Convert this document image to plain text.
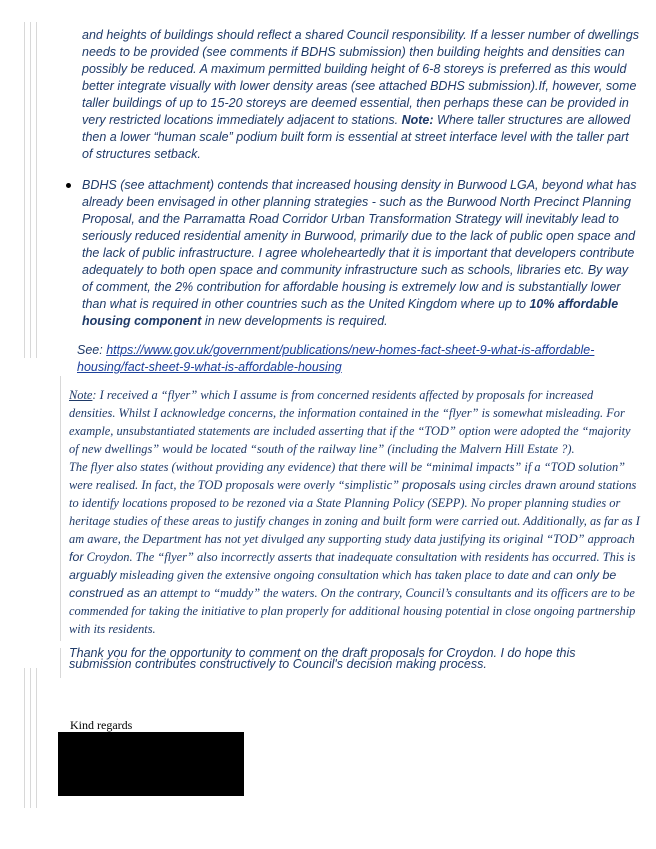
and heights of buildings should reflect a shared Council responsibility. If a lesser number of dwellings needs to be provided (see comments if BDHS submission) then building heights and densities can possibly be reduced. A maximum permitted building height of 6-8 storeys is preferred as this would better integrate visually with lower density areas (see attached BDHS submission).If, however, some taller buildings of up to 15-20 storeys are deemed essential, then perhaps these can be provided in very restricted locations immediately adjacent to stations. Note: Where taller structures are allowed then a lower “human scale” podium built form is essential at street interface level with the taller part of structures setback.
BDHS (see attachment) contends that increased housing density in Burwood LGA, beyond what has already been envisaged in other planning strategies - such as the Burwood North Precinct Planning Proposal, and the Parramatta Road Corridor Urban Transformation Strategy will inevitably lead to seriously reduced residential amenity in Burwood, primarily due to the lack of public open space and the lack of public infrastructure. I agree wholeheartedly that it is important that developers contribute adequately to both open space and community infrastructure such as schools, libraries etc. By way of comment, the 2% contribution for affordable housing is extremely low and is substantially lower than what is required in other countries such as the United Kingdom where up to 10% affordable housing component in new developments is required.
See: https://www.gov.uk/government/publications/new-homes-fact-sheet-9-what-is-affordable-housing/fact-sheet-9-what-is-affordable-housing

Note: I received a “flyer” which I assume is from concerned residents affected by proposals for increased densities. Whilst I acknowledge concerns, the information contained in the “flyer” is somewhat misleading. For example, unsubstantiated statements are included asserting that if the “TOD” option were adopted the “majority of new dwellings” would be located “south of the railway line” (including the Malvern Hill Estate ?).

The flyer also states (without providing any evidence) that there will be “minimal impacts” if a “TOD solution” were realised. In fact, the TOD proposals were overly “simplistic” proposals using circles drawn around stations to identify locations proposed to be rezoned via a State Planning Policy (SEPP). No proper planning studies or heritage studies of these areas to justify changes in zoning and built form were carried out. Additionally, as far as I am aware, the Department has not yet divulged any supporting study data justifying its original “TOD” approach for Croydon. The “flyer” also incorrectly asserts that inadequate consultation with residents has occurred. This is arguably misleading given the extensive ongoing consultation which has taken place to date and can only be construed as an attempt to “muddy” the waters. On the contrary, Council’s consultants and its officers are to be commended for taking the initiative to plan properly for additional housing potential in close ongoing partnership with its residents.

Thank you for the opportunity to comment on the draft proposals for Croydon. I do hope this submission contributes constructively to Council's decision making process.
Kind regards
